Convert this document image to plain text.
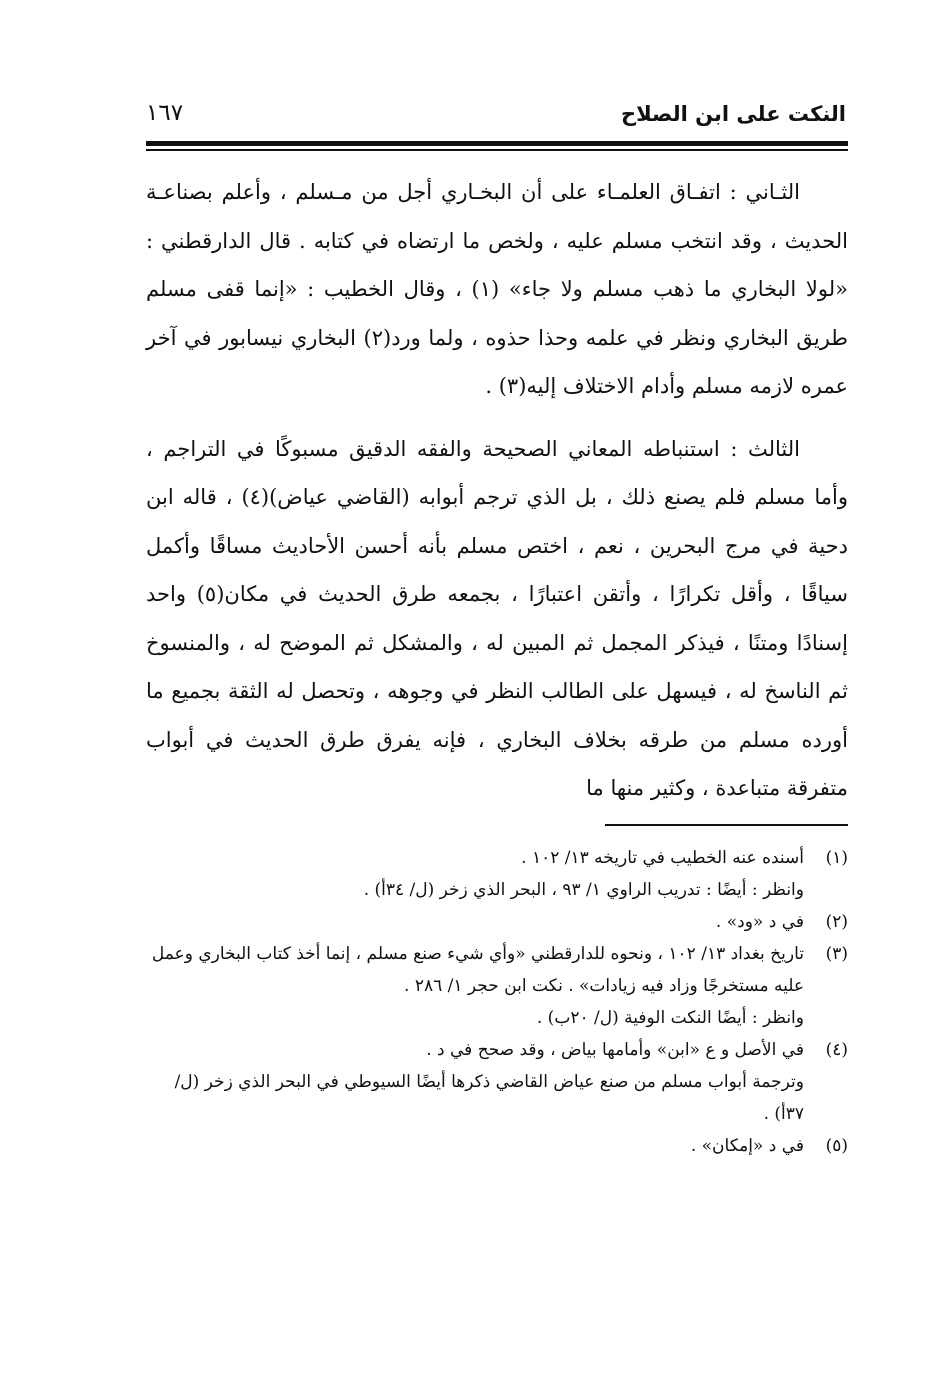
النكت على ابن الصلاح
١٦٧

الثـاني : اتفـاق العلمـاء على أن البخـاري أجل من مـسلم ، وأعلم بصناعـة الحديث ، وقد انتخب مسلم عليه ، ولخص ما ارتضاه في كتابه . قال الدارقطني : «لولا البخاري ما ذهب مسلم ولا جاء» (١) ، وقال الخطيب : «إنما قفى مسلم طريق البخاري ونظر في علمه وحذا حذوه ، ولما ورد(٢) البخاري نيسابور في آخر عمره لازمه مسلم وأدام الاختلاف إليه(٣) .

الثالث : استنباطه المعاني الصحيحة والفقه الدقيق مسبوكًا في التراجم ، وأما مسلم فلم يصنع ذلك ، بل الذي ترجم أبوابه (القاضي عياض)(٤) ، قاله ابن دحية في مرج البحرين ، نعم ، اختص مسلم بأنه أحسن الأحاديث مساقًا وأكمل سياقًا ، وأقل تكرارًا ، وأتقن اعتبارًا ، بجمعه طرق الحديث في مكان(٥) واحد إسنادًا ومتنًا ، فيذكر المجمل ثم المبين له ، والمشكل ثم الموضح له ، والمنسوخ ثم الناسخ له ، فيسهل على الطالب النظر في وجوهه ، وتحصل له الثقة بجميع ما أورده مسلم من طرقه بخلاف البخاري ، فإنه يفرق طرق الحديث في أبواب متفرقة متباعدة ، وكثير منها ما

(١)أسنده عنه الخطيب في تاريخه ١٣/ ١٠٢ .

وانظر : أيضًا : تدريب الراوي ١/ ٩٣ ، البحر الذي زخر (ل/ ٣٤أ) .

(٢)في د «ود» .

(٣)تاريخ بغداد ١٣/ ١٠٢ ، ونحوه للدارقطني «وأي شيء صنع مسلم ، إنما أخذ كتاب البخاري وعمل عليه مستخرجًا وزاد فيه زيادات» . نكت ابن حجر ١/ ٢٨٦ .

وانظر : أيضًا النكت الوفية (ل/ ٢٠ب) .

(٤)في الأصل و ع «ابن» وأمامها بياض ، وقد صحح في د .

وترجمة أبواب مسلم من صنع عياض القاضي ذكرها أيضًا السيوطي في البحر الذي زخر (ل/ ٣٧أ) .

(٥)في د «إمكان» .
